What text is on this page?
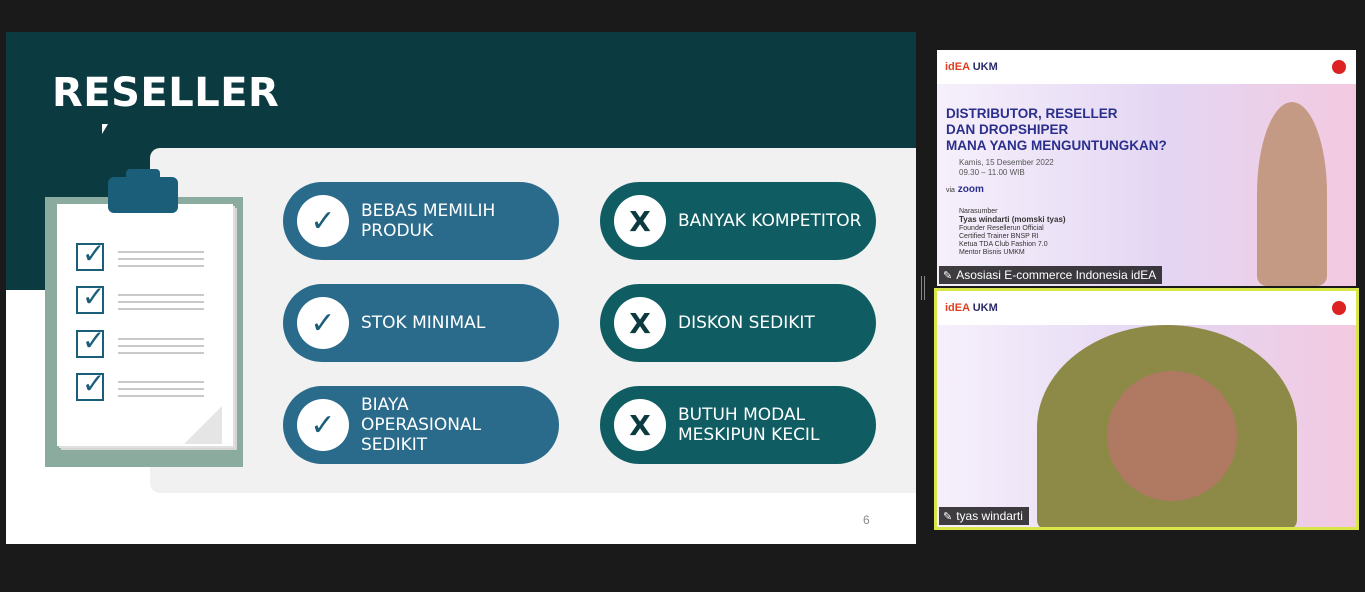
RESELLER
✓
✓
✓
✓
✓	BEBAS MEMILIH PRODUK
✓	STOK MINIMAL
✓
BIAYA OPERASIONAL SEDIKIT
X	BANYAK KOMPETITOR
X	DISKON SEDIKIT
X	BUTUH MODAL MESKIPUN KECIL
6
idEA UKM
DISTRIBUTOR, RESELLER
DAN DROPSHIPER
MANA YANG MENGUNTUNGKAN?
Kamis, 15 Desember 2022
09.30 – 11.00 WIB
via zoom
Narasumber
Tyas windarti (momski tyas)
Founder Resellerun Official
Certified Trainer BNSP RI
Ketua TDA Club Fashion 7.0
Mentor Bisnis UMKM
✎ Asosiasi E-commerce Indonesia idEA
idEA UKM
✎ tyas windarti
